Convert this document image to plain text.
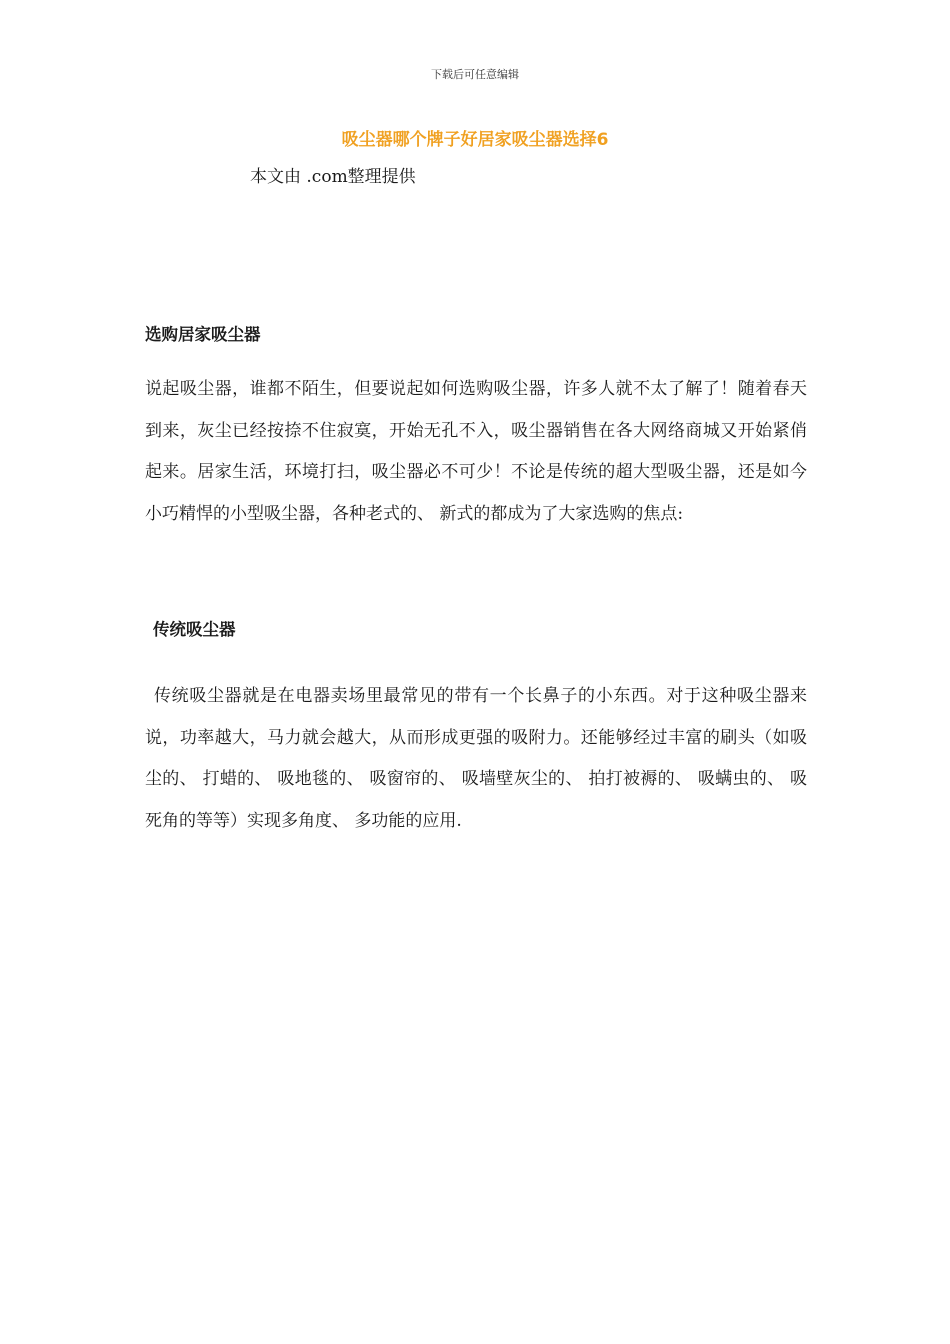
下载后可任意编辑
吸尘器哪个牌子好居家吸尘器选择6
本文由 .com整理提供
选购居家吸尘器
说起吸尘器，谁都不陌生，但要说起如何选购吸尘器，许多人就不太了解了！随着春天到来，灰尘已经按捺不住寂寞，开始无孔不入，吸尘器销售在各大网络商城又开始紧俏起来。居家生活，环境打扫，吸尘器必不可少！不论是传统的超大型吸尘器，还是如今小巧精悍的小型吸尘器，各种老式的、 新式的都成为了大家选购的焦点:
传统吸尘器
传统吸尘器就是在电器卖场里最常见的带有一个长鼻子的小东西。对于这种吸尘器来说，功率越大，马力就会越大，从而形成更强的吸附力。还能够经过丰富的刷头（如吸尘的、 打蜡的、 吸地毯的、 吸窗帘的、 吸墙壁灰尘的、 拍打被褥的、 吸螨虫的、 吸死角的等等）实现多角度、 多功能的应用.
